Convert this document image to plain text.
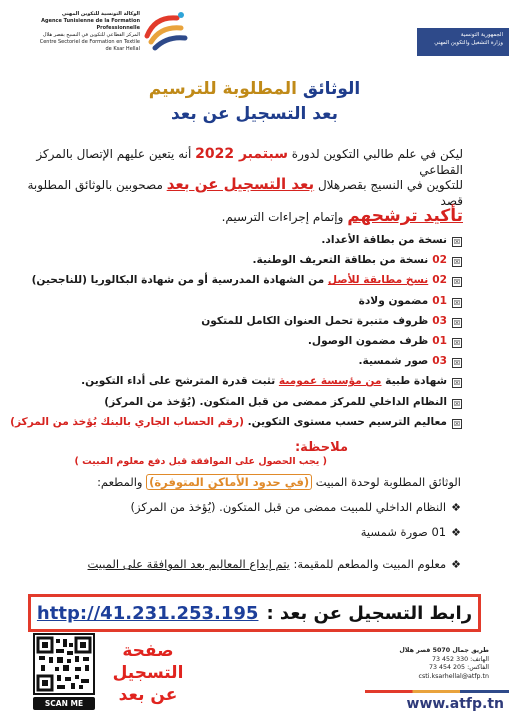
الجمهورية التونسية
وزارة التشغيل والتكوين المهني
الوكالة التونسية للتكوين المهني
Agence Tunisienne de la Formation
Professionnelle
المركز القطاعي للتكوين في النسيج بقصر هلال
Centre Sectoriel de Formation en Textile
de Ksar Hellal
الوثائق المطلوبة للترسيم
بعد التسجيل عن بعد
ليكن في علم طالبي التكوين لدورة سبتمبر 2022 أنه يتعين عليهم الإتصال بالمركز القطاعي
للتكوين في النسيج بقصرهلال بعد التسجيل عن بعد مصحوبين بالوثائق المطلوبة قصد
تأكيد ترشحهم وإتمام إجراءات الترسيم.
☒نسخة من بطاقة الأعداد.
☒02نسخة من بطاقة التعريف الوطنية.
☒02نسخ مطابقة للأصل من الشهادة المدرسية أو من شهادة البكالوريا (للناجحين)
☒01مضمون ولادة
☒03ظروف متنبرة تحمل العنوان الكامل للمتكون
☒01ظرف مضمون الوصول.
☒03صور شمسية.
☒شهادة طبية من مؤسسة عمومية تثبت قدرة المترشح على أداء التكوين.
☒النظام الداخلي للمركز ممضى من قبل المتكون. (يُؤخذ من المركز)
☒معاليم الترسيم حسب مستوى التكوين. (رقم الحساب الجاري بالبنك يُؤخذ من المركز)
ملاحظة:
( يجب الحصول على الموافقة قبل دفع معلوم المبيت )
الوثائق المطلوبة لوحدة المبيت (في حدود الأماكن المتوفرة) والمطعم:
❖النظام الداخلي للمبيت ممضى من قبل المتكون. (يُؤخذ من المركز)
❖01 صورة شمسية
❖معلوم المبيت والمطعم للمقيمة: يتم إيداع المعاليم بعد الموافقة على المبيت
رابط التسجيل عن بعد :
http://41.231.253.195
SCAN ME
صفحة
التسجيل
عن بعد
طريق جمال 5070 قصر هلال
الهاتف: 330 452 73
الفاكس: 205 454 73
csti.ksarhellal@atfp.tn
www.atfp.tn
